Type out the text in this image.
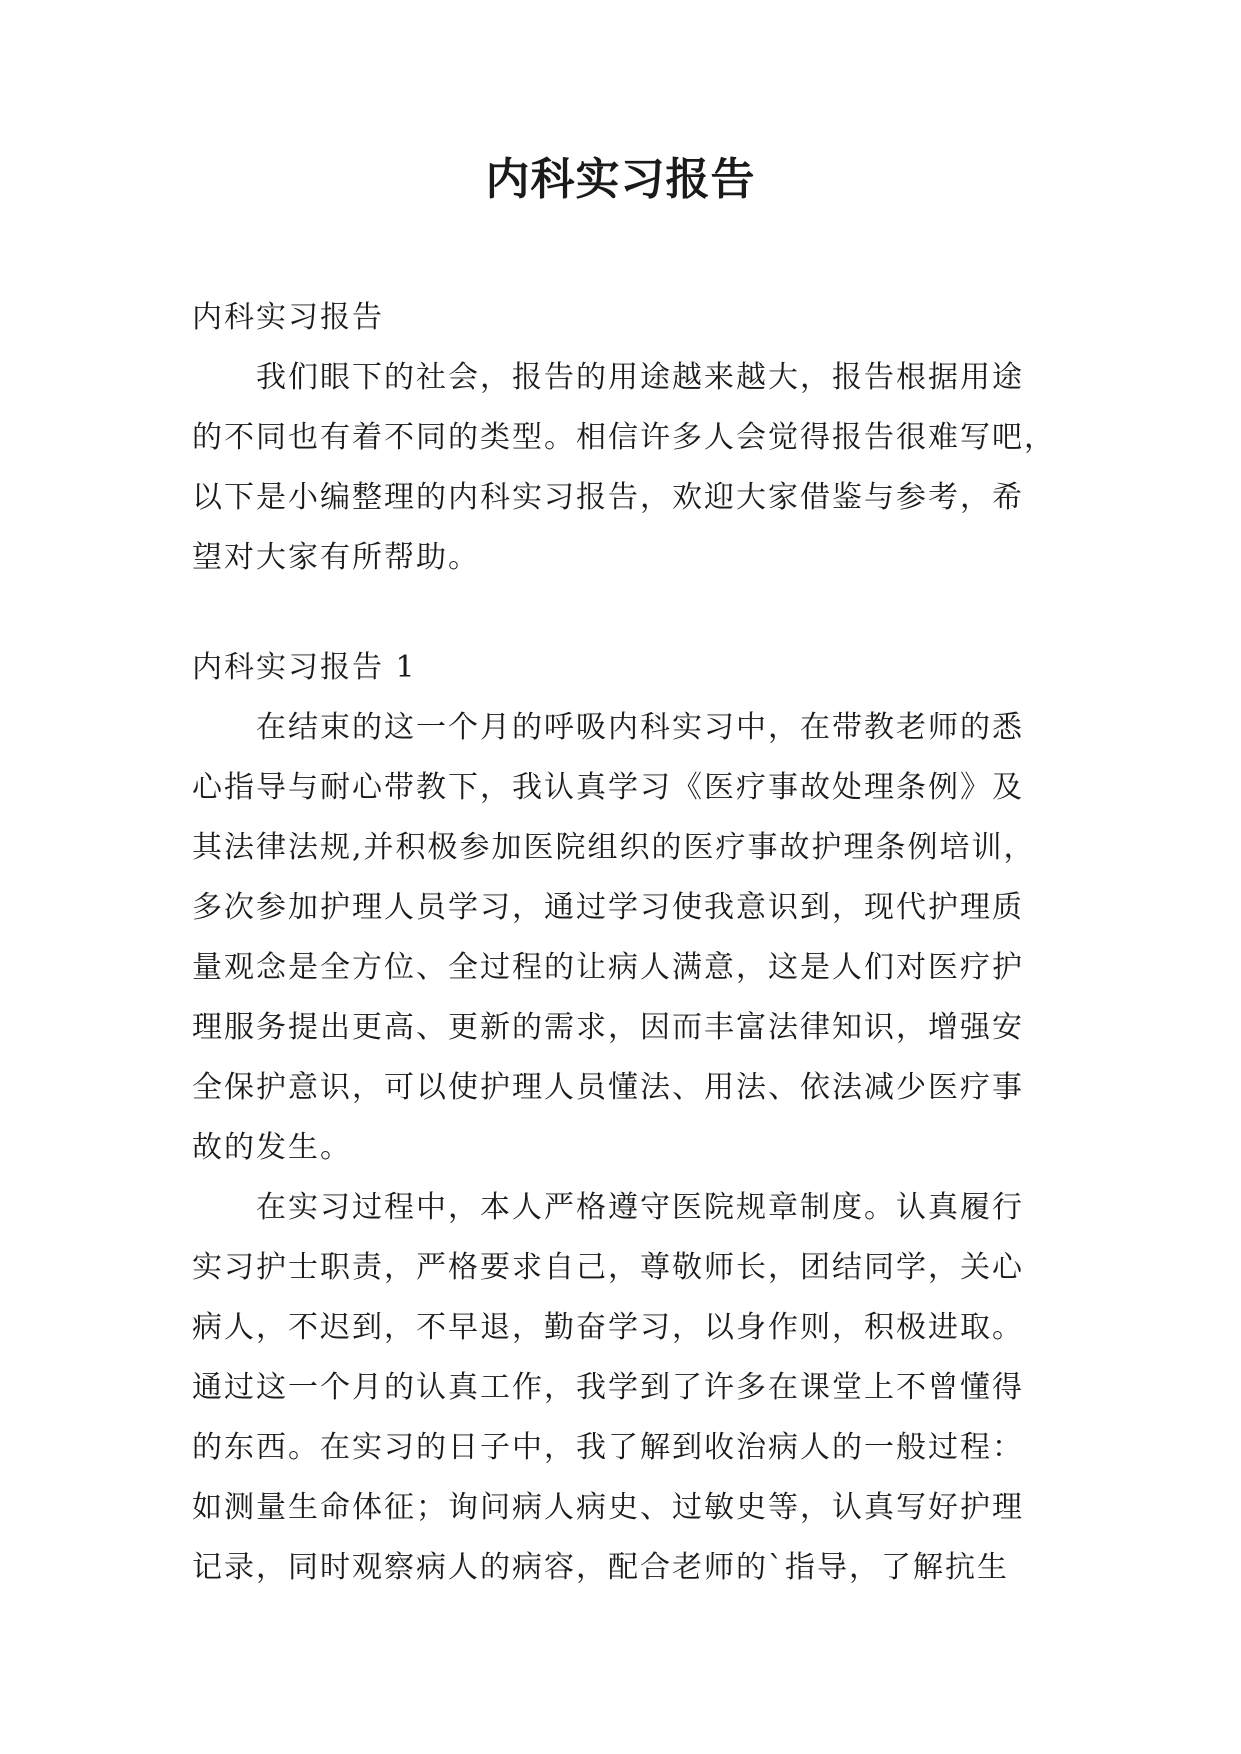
内科实习报告
内科实习报告
我们眼下的社会，报告的用途越来越大，报告根据用途
的不同也有着不同的类型。相信许多人会觉得报告很难写吧，
以下是小编整理的内科实习报告，欢迎大家借鉴与参考，希
望对大家有所帮助。
内科实习报告 1
在结束的这一个月的呼吸内科实习中，在带教老师的悉
心指导与耐心带教下，我认真学习《医疗事故处理条例》及
其法律法规,并积极参加医院组织的医疗事故护理条例培训，
多次参加护理人员学习，通过学习使我意识到，现代护理质
量观念是全方位、全过程的让病人满意，这是人们对医疗护
理服务提出更高、更新的需求，因而丰富法律知识，增强安
全保护意识，可以使护理人员懂法、用法、依法减少医疗事
故的发生。
在实习过程中，本人严格遵守医院规章制度。认真履行
实习护士职责，严格要求自己，尊敬师长，团结同学，关心
病人，不迟到，不早退，勤奋学习，以身作则，积极进取。
通过这一个月的认真工作，我学到了许多在课堂上不曾懂得
的东西。在实习的日子中，我了解到收治病人的一般过程：
如测量生命体征；询问病人病史、过敏史等，认真写好护理
记录，同时观察病人的病容，配合老师的`指导，了解抗生
